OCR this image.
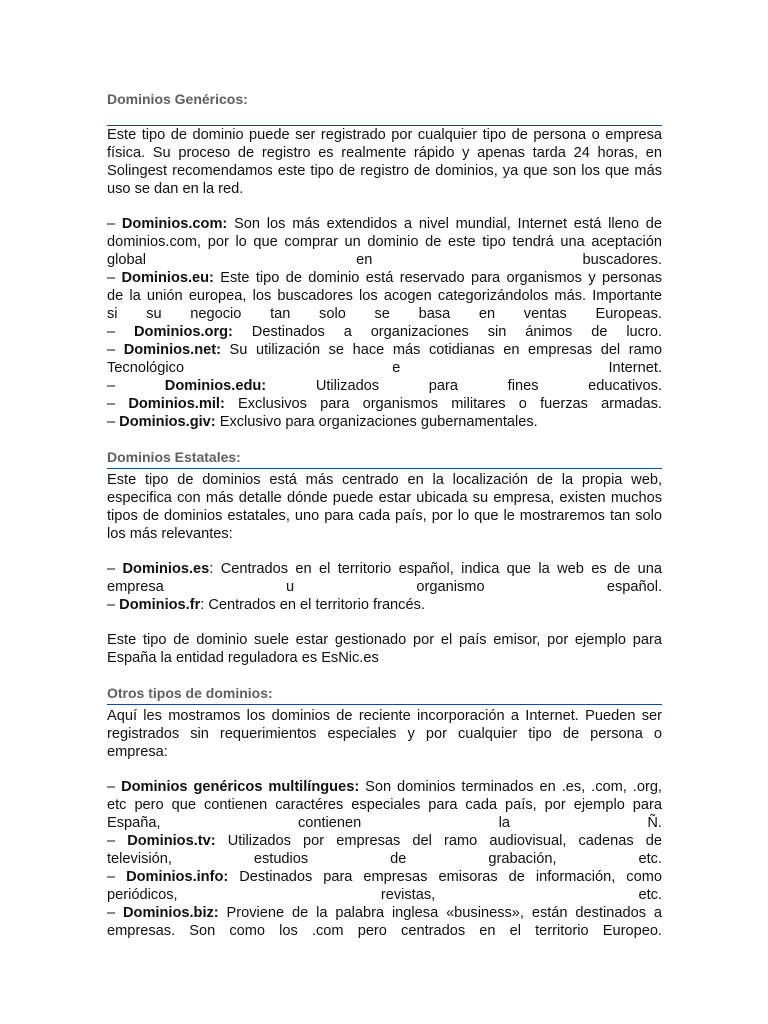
Dominios Genéricos:
Este tipo de dominio puede ser registrado por cualquier tipo de persona o empresa
física. Su proceso de registro es realmente rápido y apenas tarda 24 horas, en
Solingest recomendamos este tipo de registro de dominios, ya que son los que más
uso se dan en la red.
– Dominios.com: Son los más extendidos a nivel mundial, Internet está lleno de
dominios.com, por lo que comprar un dominio de este tipo tendrá una aceptación
global en buscadores.
– Dominios.eu: Este tipo de dominio está reservado para organismos y personas
de la unión europea, los buscadores los acogen categorizándolos más. Importante
si su negocio tan solo se basa en ventas Europeas.
– Dominios.org: Destinados a organizaciones sin ánimos de lucro.
– Dominios.net: Su utilización se hace más cotidianas en empresas del ramo
Tecnológico e Internet.
– Dominios.edu: Utilizados para fines educativos.
– Dominios.mil: Exclusivos para organismos militares o fuerzas armadas.
– Dominios.giv: Exclusivo para organizaciones gubernamentales.
Dominios Estatales:
Este tipo de dominios está más centrado en la localización de la propia web,
especifica con más detalle dónde puede estar ubicada su empresa, existen muchos
tipos de dominios estatales, uno para cada país, por lo que le mostraremos tan solo
los más relevantes:
– Dominios.es: Centrados en el territorio español, indica que la web es de una
empresa u organismo español.
– Dominios.fr: Centrados en el territorio francés.
Este tipo de dominio suele estar gestionado por el país emisor, por ejemplo para
España la entidad reguladora es EsNic.es
Otros tipos de dominios:
Aquí les mostramos los dominios de reciente incorporación a Internet. Pueden ser
registrados sin requerimientos especiales y por cualquier tipo de persona o
empresa:
– Dominios genéricos multilíngues: Son dominios terminados en .es, .com, .org,
etc pero que contienen caractéres especiales para cada país, por ejemplo para
España, contienen la Ñ.
– Dominios.tv: Utilizados por empresas del ramo audiovisual, cadenas de
televisión, estudios de grabación, etc.
– Dominios.info: Destinados para empresas emisoras de información, como
periódicos, revistas, etc.
– Dominios.biz: Proviene de la palabra inglesa «business», están destinados a
empresas. Son como los .com pero centrados en el territorio Europeo.
